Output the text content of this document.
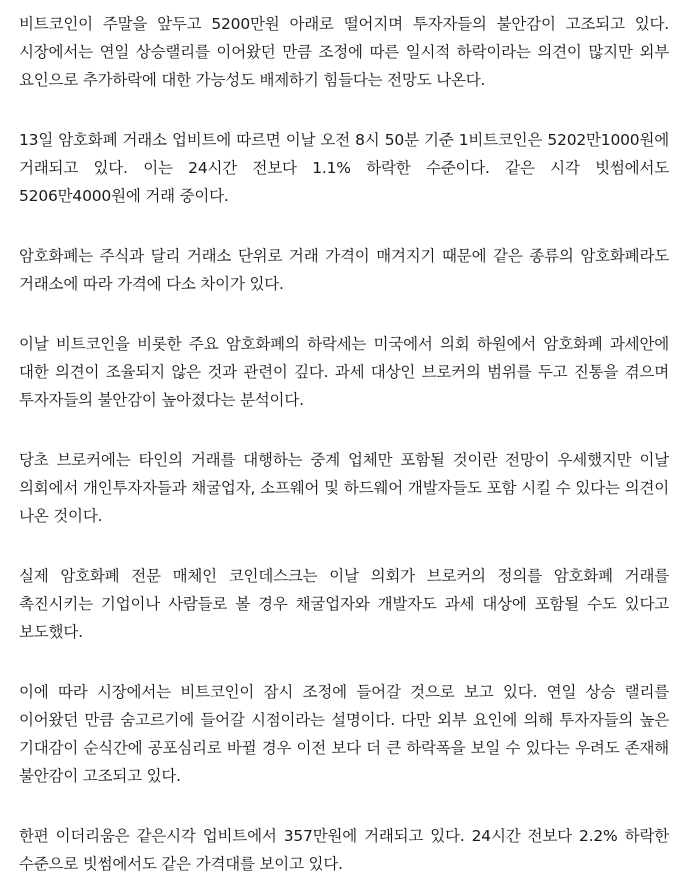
비트코인이 주말을 앞두고 5200만원 아래로 떨어지며 투자자들의 불안감이 고조되고 있다. 시장에서는 연일 상승랠리를 이어왔던 만큼 조정에 따른 일시적 하락이라는 의견이 많지만 외부 요인으로 추가하락에 대한 가능성도 배제하기 힘들다는 전망도 나온다.

13일 암호화폐 거래소 업비트에 따르면 이날 오전 8시 50분 기준 1비트코인은 5202만1000원에 거래되고 있다. 이는 24시간 전보다 1.1% 하락한 수준이다. 같은 시각 빗썸에서도 5206만4000원에 거래 중이다.

암호화폐는 주식과 달리 거래소 단위로 거래 가격이 매겨지기 때문에 같은 종류의 암호화폐라도 거래소에 따라 가격에 다소 차이가 있다.

이날 비트코인을 비롯한 주요 암호화폐의 하락세는 미국에서 의회 하원에서 암호화폐 과세안에 대한 의견이 조율되지 않은 것과 관련이 깊다. 과세 대상인 브로커의 범위를 두고 진통을 겪으며 투자자들의 불안감이 높아졌다는 분석이다.

당초 브로커에는 타인의 거래를 대행하는 중계 업체만 포함될 것이란 전망이 우세했지만 이날 의회에서 개인투자자들과 채굴업자, 소프웨어 및 하드웨어 개발자들도 포함 시킬 수 있다는 의견이 나온 것이다.

실제 암호화폐 전문 매체인 코인데스크는 이날 의회가 브로커의 정의를 암호화폐 거래를 촉진시키는 기업이나 사람들로 볼 경우 채굴업자와 개발자도 과세 대상에 포함될 수도 있다고 보도했다.

이에 따라 시장에서는 비트코인이 잠시 조정에 들어갈 것으로 보고 있다. 연일 상승 랠리를 이어왔던 만큼 숨고르기에 들어갈 시점이라는 설명이다. 다만 외부 요인에 의해 투자자들의 높은 기대감이 순식간에 공포심리로 바뀔 경우 이전 보다 더 큰 하락폭을 보일 수 있다는 우려도 존재해 불안감이 고조되고 있다.

한편 이더리움은 같은시각 업비트에서 357만원에 거래되고 있다. 24시간 전보다 2.2% 하락한 수준으로 빗썸에서도 같은 가격대를 보이고 있다.
